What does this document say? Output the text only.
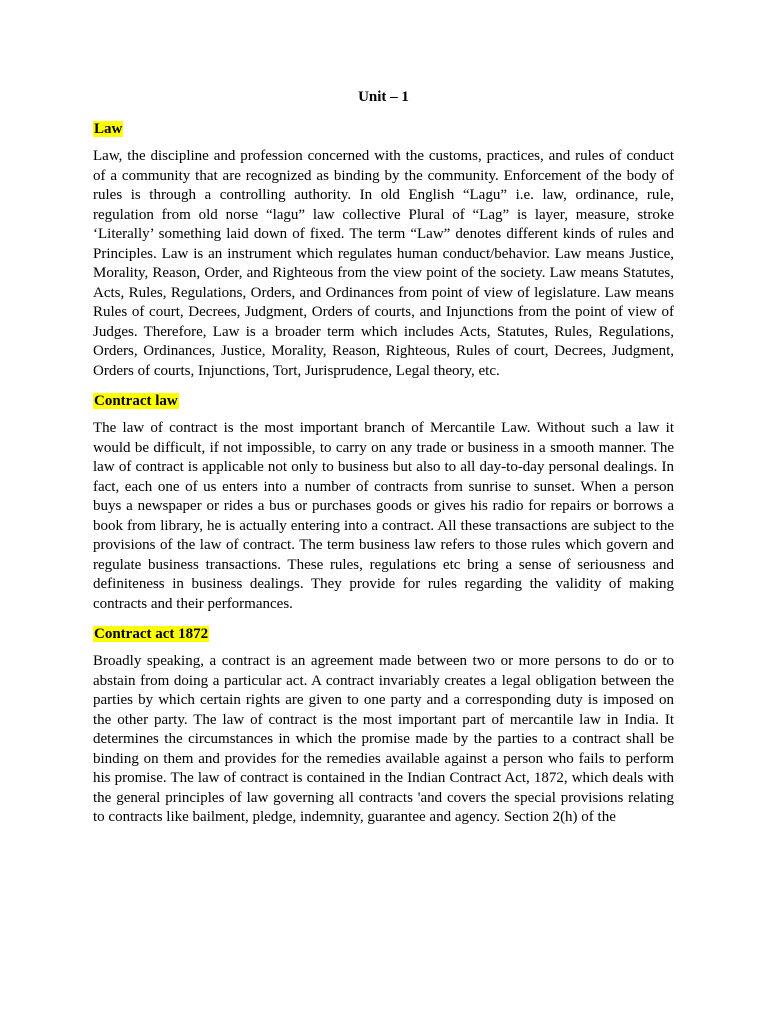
Unit – 1
Law

Law, the discipline and profession concerned with the customs, practices, and rules of conduct of a community that are recognized as binding by the community. Enforcement of the body of rules is through a controlling authority. In old English “Lagu” i.e. law, ordinance, rule, regulation from old norse “lagu” law collective Plural of “Lag” is layer, measure, stroke ‘Literally’ something laid down of fixed. The term “Law” denotes different kinds of rules and Principles. Law is an instrument which regulates human conduct/behavior. Law means Justice, Morality, Reason, Order, and Righteous from the view point of the society. Law means Statutes, Acts, Rules, Regulations, Orders, and Ordinances from point of view of legislature. Law means Rules of court, Decrees, Judgment, Orders of courts, and Injunctions from the point of view of Judges. Therefore, Law is a broader term which includes Acts, Statutes, Rules, Regulations, Orders, Ordinances, Justice, Morality, Reason, Righteous, Rules of court, Decrees, Judgment, Orders of courts, Injunctions, Tort, Jurisprudence, Legal theory, etc.

Contract law

The law of contract is the most important branch of Mercantile Law. Without such a law it would be difficult, if not impossible, to carry on any trade or business in a smooth manner. The law of contract is applicable not only to business but also to all day-to-day personal dealings. In fact, each one of us enters into a number of contracts from sunrise to sunset. When a person buys a newspaper or rides a bus or purchases goods or gives his radio for repairs or borrows a book from library, he is actually entering into a contract. All these transactions are subject to the provisions of the law of contract. The term business law refers to those rules which govern and regulate business transactions. These rules, regulations etc bring a sense of seriousness and definiteness in business dealings. They provide for rules regarding the validity of making contracts and their performances.

Contract act 1872

Broadly speaking, a contract is an agreement made between two or more persons to do or to abstain from doing a particular act. A contract invariably creates a legal obligation between the parties by which certain rights are given to one party and a corresponding duty is imposed on the other party. The law of contract is the most important part of mercantile law in India. It determines the circumstances in which the promise made by the parties to a contract shall be binding on them and provides for the remedies available against a person who fails to perform his promise. The law of contract is contained in the Indian Contract Act, 1872, which deals with the general principles of law governing all contracts 'and covers the special provisions relating to contracts like bailment, pledge, indemnity, guarantee and agency. Section 2(h) of the
